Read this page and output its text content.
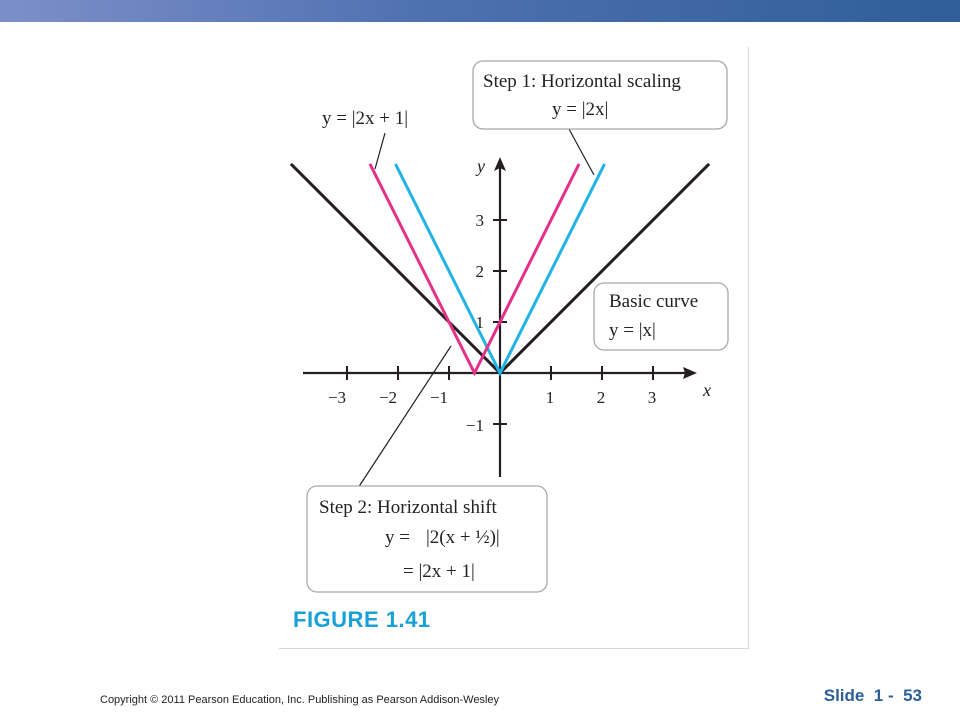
x
y
−3 −2 −1	1	2	3
3
2
1
−1
Step 1: Horizontal scaling
y = |2x|
y = |2x + 1|
Basic curve
y = |x|
Step 2: Horizontal shift
y = |2(x + ½)|
= |2x + 1|
FIGURE 1.41
Copyright © 2011 Pearson Education, Inc. Publishing as Pearson Addison-Wesley	Slide  1 -  53
